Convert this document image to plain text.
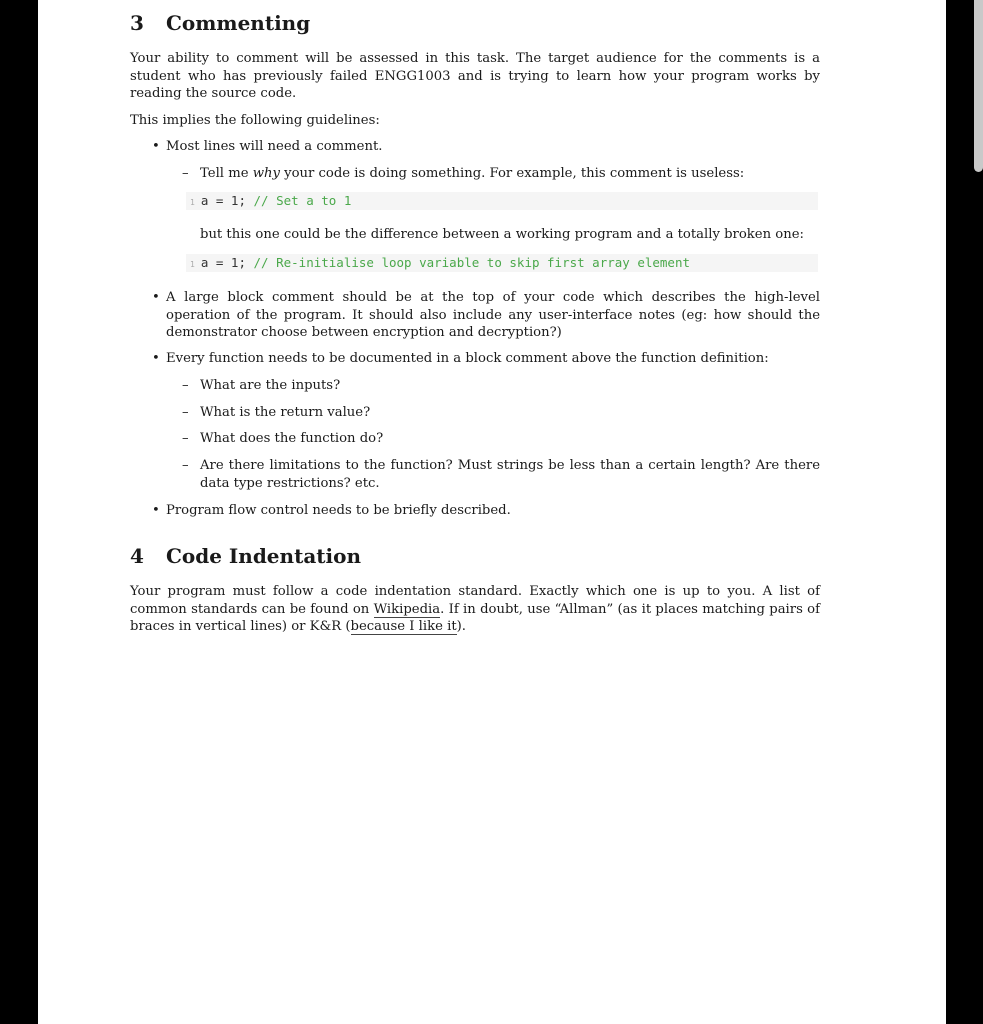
3 Commenting

Your ability to comment will be assessed in this task. The target audience for the comments is a student who has previously failed ENGG1003 and is trying to learn how your program works by reading the source code.

This implies the following guidelines:

• Most lines will need a comment.
– Tell me why your code is doing something. For example, this comment is useless:
1 a = 1; // Set a to 1
but this one could be the difference between a working program and a totally broken one:
1 a = 1; // Re-initialise loop variable to skip first array element
• A large block comment should be at the top of your code which describes the high-level operation of the program. It should also include any user-interface notes (eg: how should the demonstrator choose between encryption and decryption?)
• Every function needs to be documented in a block comment above the function definition:
– What are the inputs?
– What is the return value?
– What does the function do?
– Are there limitations to the function? Must strings be less than a certain length? Are there data type restrictions? etc.
• Program flow control needs to be briefly described.
4 Code Indentation

Your program must follow a code indentation standard. Exactly which one is up to you. A list of common standards can be found on Wikipedia. If in doubt, use “Allman” (as it places matching pairs of braces in vertical lines) or K&R (because I like it).
